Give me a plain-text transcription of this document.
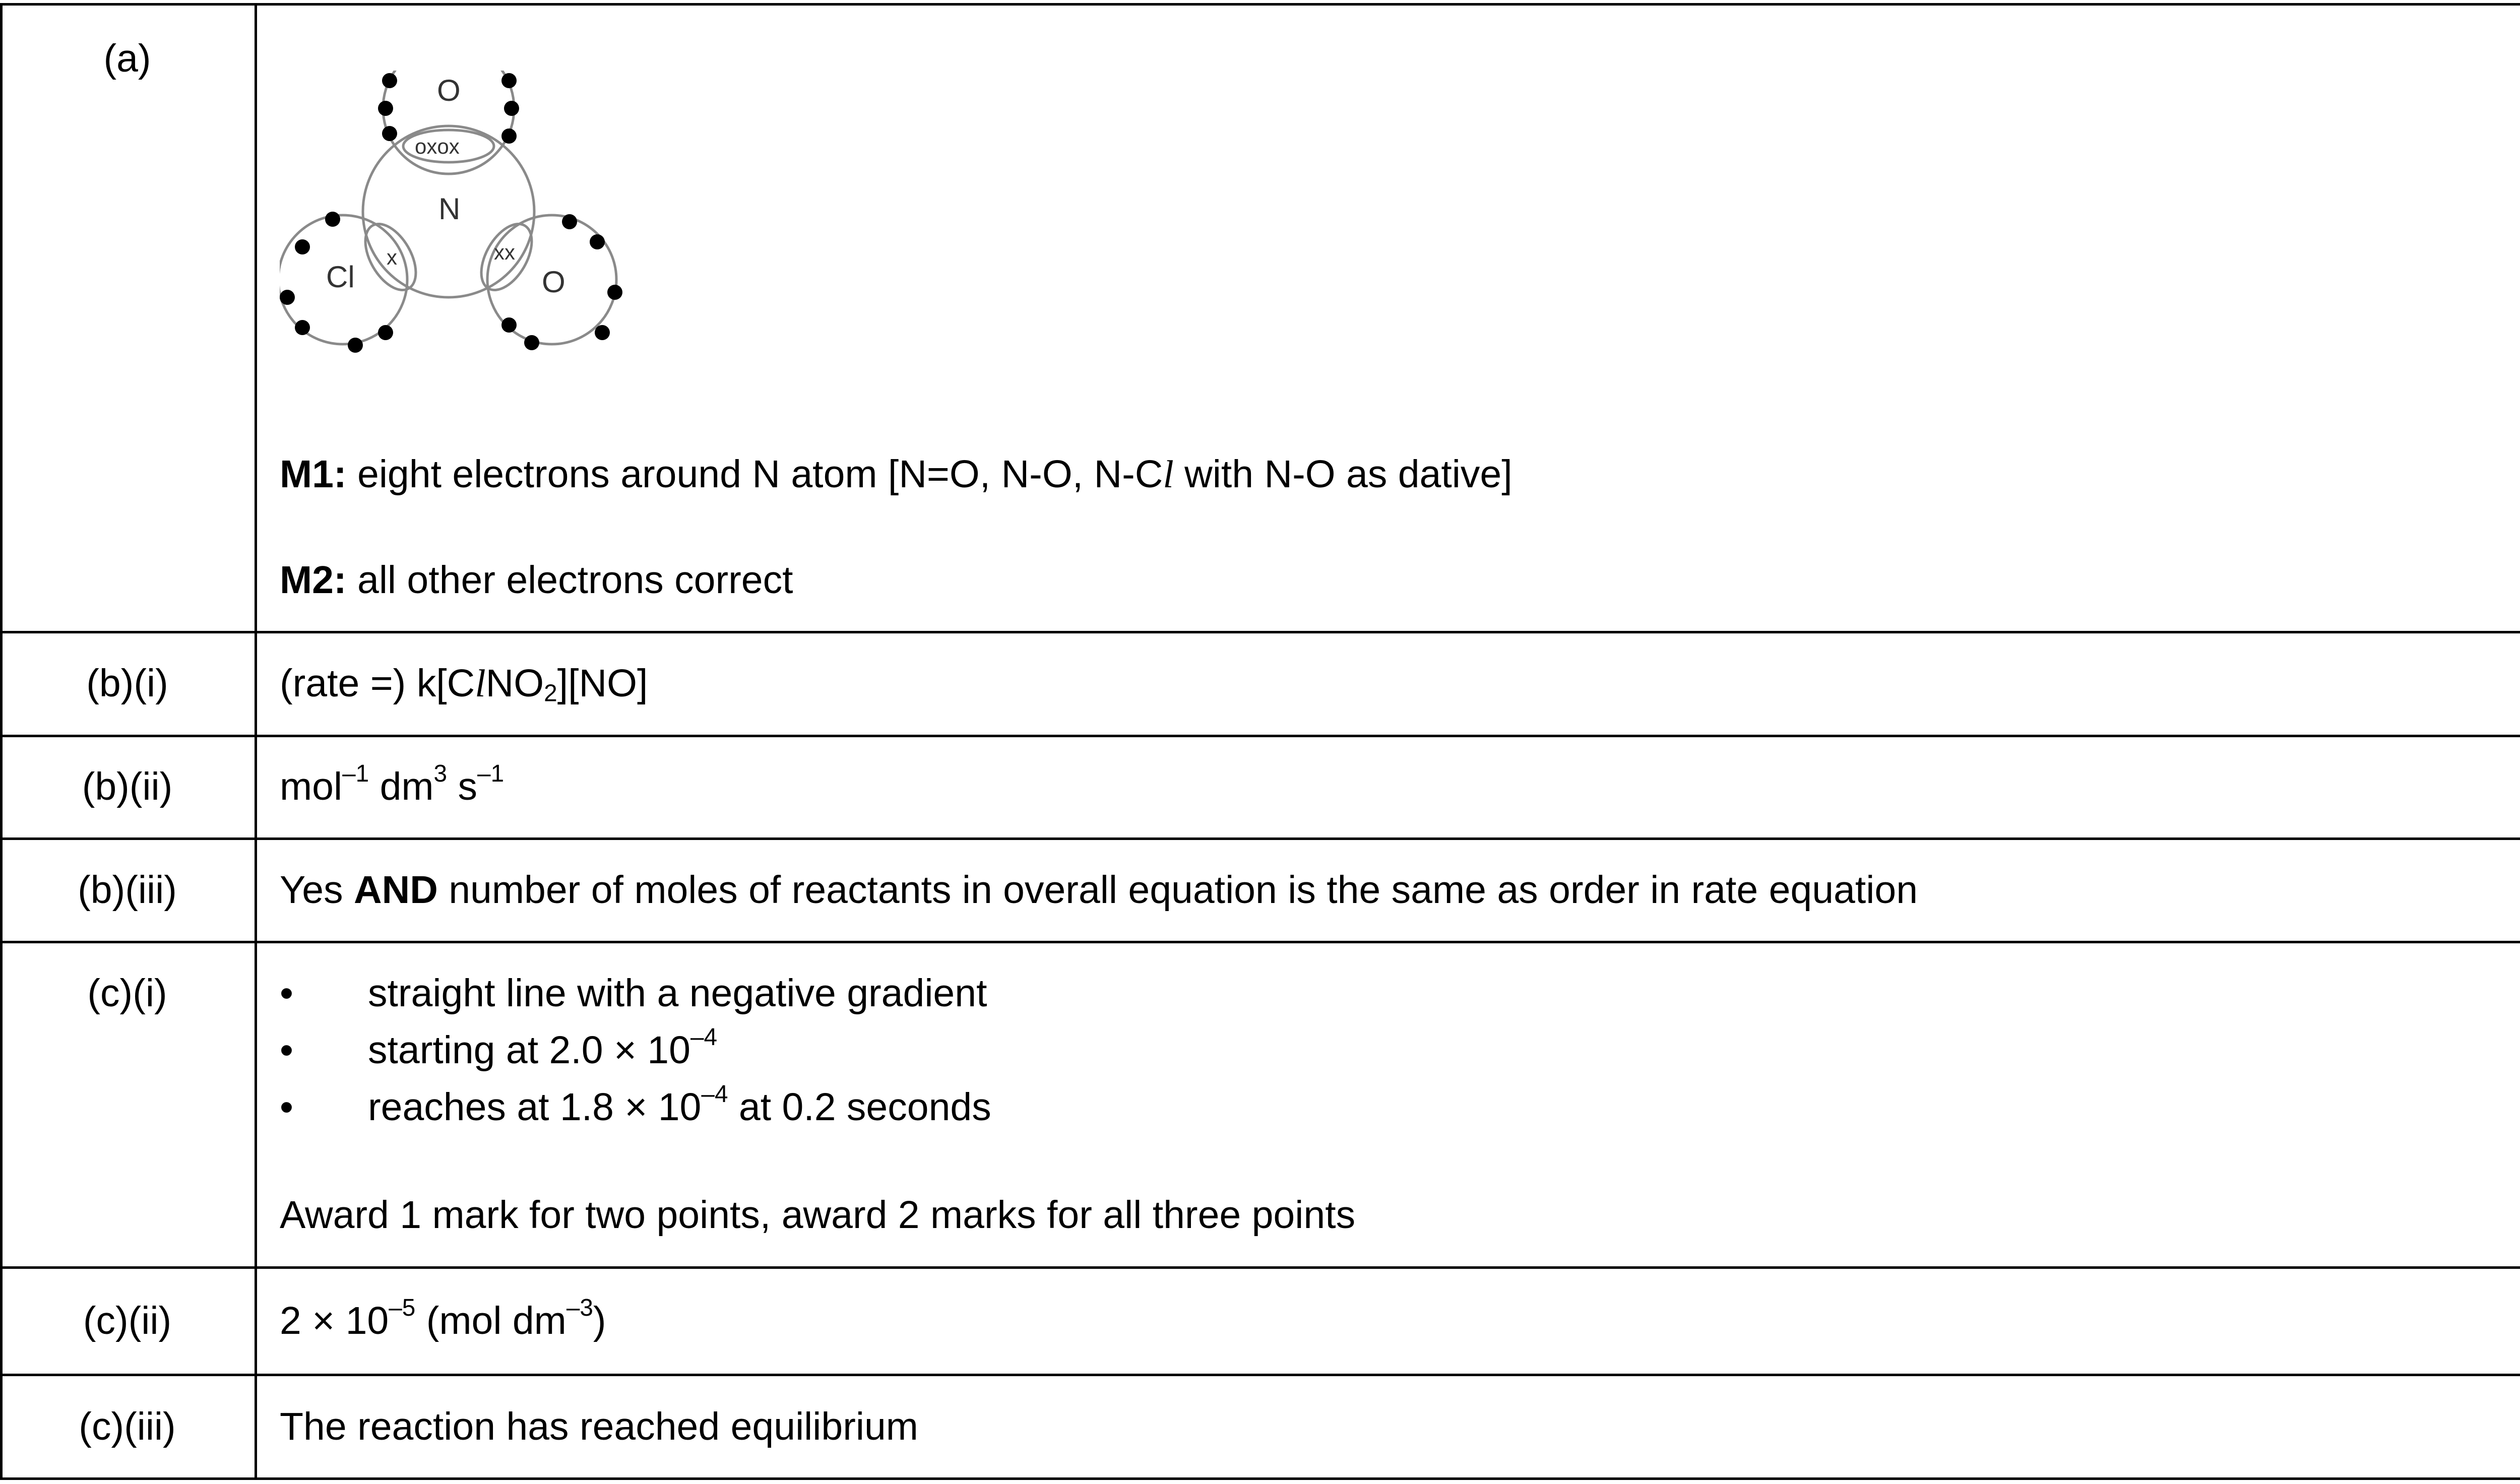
(a)
O
N
Cl	O
oxox
x	xx
M1: eight electrons around N atom [N=O, N-O, N-Cl with N-O as dative]
M2: all other electrons correct
(b)(i)	(rate =) k[ClNO$_2$][NO]
(b)(ii)	mol$^{-1}$ $dm^3$ $s^{-1}$
(b)(iii)	Yes AND number of moles of reactants in overall equation is the same as order in rate equation
(c)(i)	• straight line with a negative gradient
• starting at $2.0 \times 10^{-4}$
• reaches at $1.8 \times 10^{-4}$ at 0.2 seconds
Award 1 mark for two points, award 2 marks for all three points
(c)(ii)	$2 \times 10^{-5}$ (mol $dm^{-3}$)
(c)(iii)	The reaction has reached equilibrium
